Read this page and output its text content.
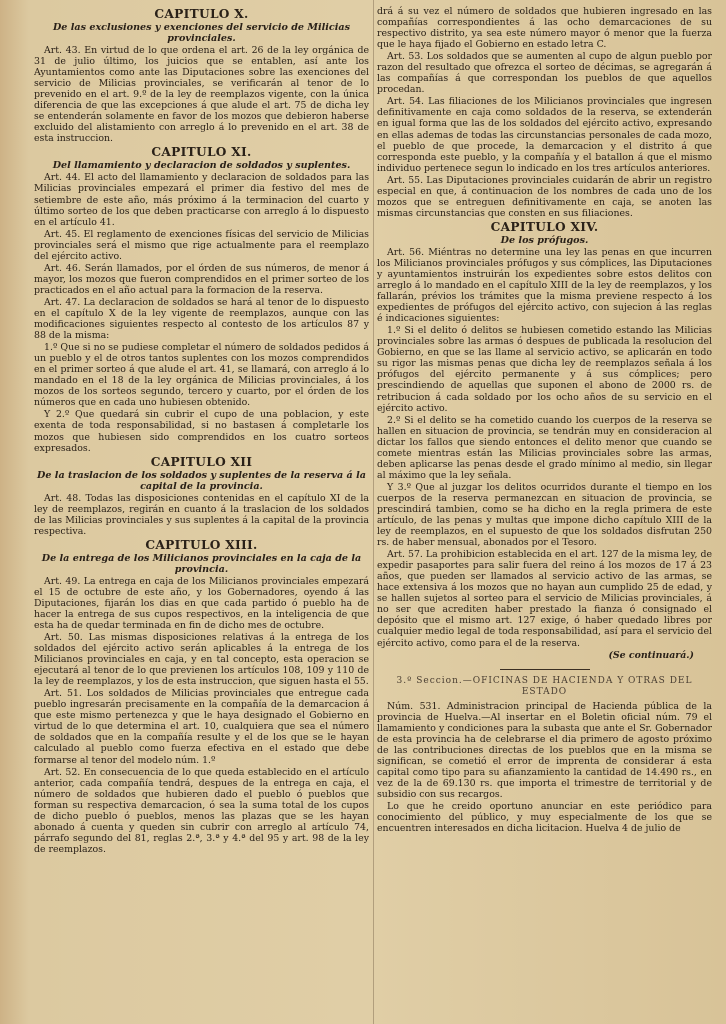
CAPITULO X.
De las exclusiones y exenciones del servicio de Milicias provinciales.

Art. 43. En virtud de lo que ordena el art. 26 de la ley orgánica de 31 de julio último, los juicios que se entablen, así ante los Ayuntamientos como ante las Diputaciones sobre las exenciones del servicio de Milicias provinciales, se verificarán al tenor de lo prevenido en el art. 9.º de la ley de reemplazos vigente, con la única diferencia de que las excepciones á que alude el art. 75 de dicha ley se entenderán solamente en favor de los mozos que debieron haberse excluido del alistamiento con arreglo á lo prevenido en el art. 38 de esta instruccion.

CAPITULO XI.
Del llamamiento y declaracion de soldados y suplentes.

Art. 44. El acto del llamamiento y declaracion de soldados para las Milicias provinciales empezará el primer dia festivo del mes de setiembre de este año, más próximo á la terminacion del cuarto y último sorteo de los que deben practicarse con arreglo á lo dispuesto en el artículo 41.

Art. 45. El reglamento de exenciones físicas del servicio de Milicias provinciales será el mismo que rige actualmente para el reemplazo del ejército activo.

Art. 46. Serán llamados, por el órden de sus números, de menor á mayor, los mozos que fueron comprendidos en el primer sorteo de los practicados en el año actual para la formacion de la reserva.

Art. 47. La declaracion de soldados se hará al tenor de lo dispuesto en el capítulo X de la ley vigente de reemplazos, aunque con las modificaciones siguientes respecto al contesto de los artículos 87 y 88 de la misma:

1.º Que si no se pudiese completar el número de soldados pedidos á un pueblo y el de otros tantos suplentes con los mozos comprendidos en el primer sorteo á que alude el art. 41, se llamará, con arreglo á lo mandado en el 18 de la ley orgánica de Milicias provinciales, á los mozos de los sorteos segundo, tercero y cuarto, por el órden de los números que en cada uno hubiesen obtenido.

Y 2.º Que quedará sin cubrir el cupo de una poblacion, y este exenta de toda responsabilidad, si no bastasen á completarle los mozos que hubiesen sido comprendidos en los cuatro sorteos expresados.

CAPITULO XII
De la traslacion de los soldados y suplentes de la reserva á la capital de la provincia.

Art. 48. Todas las disposiciones contenidas en el capítulo XI de la ley de reemplazos, regirán en cuanto á la traslacion de los soldados de las Milicias provinciales y sus suplentes á la capital de la provincia respectiva.

CAPITULO XIII.
De la entrega de los Milicianos provinciales en la caja de la provincia.

Art. 49. La entrega en caja de los Milicianos provinciales empezará el 15 de octubre de este año, y los Gobernadores, oyendo á las Diputaciones, fijarán los dias en que cada partido ó pueblo ha de hacer la entrega de sus cupos respectivos, en la inteligencia de que esta ha de quedar terminada en fin de dicho mes de octubre.

Art. 50. Las mismas disposiciones relativas á la entrega de los soldados del ejército activo serán aplicables á la entrega de los Milicianos provinciales en caja, y en tal concepto, esta operacion se ejecutará al tenor de lo que previenen los artículos 108, 109 y 110 de la ley de reemplazos, y los de esta instruccion, que siguen hasta el 55.

Art. 51. Los soldados de Milicias provinciales que entregue cada pueblo ingresarán precisamente en la compañía de la demarcacion á que este mismo pertenezca y que le haya designado el Gobierno en virtud de lo que determina el art. 10, cualquiera que sea el número de soldados que en la compañía resulte y el de los que se le hayan calculado al pueblo como fuerza efectiva en el estado que debe formarse al tenor del modelo núm. 1.º

Art. 52. En consecuencia de lo que queda establecido en el artículo anterior, cada compañía tendrá, despues de la entrega en caja, el número de soldados que hubieren dado el pueblo ó pueblos que forman su respectiva demarcacion, ó sea la suma total de los cupos de dicho pueblo ó pueblos, menos las plazas que se les hayan abonado á cuenta y queden sin cubrir con arreglo al artículo 74, párrafo segundo del 81, reglas 2.ª, 3.ª y 4.ª del 95 y art. 98 de la ley de reemplazos.

drá á su vez el número de soldados que hubieren ingresado en las compañías correspondientes á las ocho demarcaciones de su respectivo distrito, ya sea este número mayor ó menor que la fuerza que le haya fijado el Gobierno en estado letra C.

Art. 53. Los soldados que se aumenten al cupo de algun pueblo por razon del resultado que ofrezca el sorteo de décimas, se agregarán á las compañías á que correspondan los pueblos de que aquellos procedan.

Art. 54. Las filiaciones de los Milicianos provinciales que ingresen definitivamente en caja como soldados de la reserva, se extenderán en igual forma que las de los soldados del ejército activo, expresando en ellas ademas de todas las circunstancias personales de cada mozo, el pueblo de que procede, la demarcacion y el distrito á que corresponda este pueblo, y la compañía y el batallon á que el mismo individuo pertenece segun lo indicado en los tres artículos anteriores.

Art. 55. Las Diputaciones provinciales cuidarán de abrir un registro especial en que, á continuacion de los nombres de cada uno de los mozos que se entreguen definitivamente en caja, se anoten las mismas circunstancias que consten en sus filiaciones.

CAPITULO XIV.
De los prófugos.

Art. 56. Miéntras no determine una ley las penas en que incurren los Milicianos provinciales prófugos y sus cómplices, las Diputaciones y ayuntamientos instruirán los expedientes sobre estos delitos con arreglo á lo mandado en el capítulo XIII de la ley de reemplazos, y los fallarán, prévios los trámites que la misma previene respecto á los expedientes de prófugos del ejército activo, con sujecion á las reglas é indicaciones siguientes:

1.º Si el delito ó delitos se hubiesen cometido estando las Milicias provinciales sobre las armas ó despues de publicada la resolucion del Gobierno, en que se las llame al servicio activo, se aplicarán en todo su rigor las mismas penas que dicha ley de reemplazos señala á los prófugos del ejército permanente y á sus cómplices; pero prescindiendo de aquellas que suponen el abono de 2000 rs. de retribucion á cada soldado por los ocho años de su servicio en el ejército activo.

2.º Si el delito se ha cometido cuando los cuerpos de la reserva se hallen en situacion de provincia, se tendrán muy en consideracion al dictar los fallos que siendo entonces el delito menor que cuando se comete mientras están las Milicias provinciales sobre las armas, deben aplicarse las penas desde el grado mínimo al medio, sin llegar al máximo que la ley señala.

Y 3.º Que al juzgar los delitos ocurridos durante el tiempo en los cuerpos de la reserva permanezcan en situacion de provincia, se prescindirá tambien, como se ha dicho en la regla primera de este artículo, de las penas y multas que impone dicho capítulo XIII de la ley de reemplazos, en el supuesto de que los soldados disfrutan 250 rs. de haber mensual, abonados por el Tesoro.

Art. 57. La prohibicion establecida en el art. 127 de la misma ley, de expedir pasaportes para salir fuera del reino á los mozos de 17 á 23 años, que pueden ser llamados al servicio activo de las armas, se hace extensiva á los mozos que no hayan aun cumplido 25 de edad, y se hallen sujetos al sorteo para el servicio de Milicias provinciales, á no ser que acrediten haber prestado la fianza ó consignado el depósito que el mismo art. 127 exige, ó haber quedado libres por cualquier medio legal de toda responsabilidad, así para el servicio del ejército activo, como para el de la reserva.

(Se continuará.)
3.º Seccion.—OFICINAS DE HACIENDA Y OTRAS DEL ESTADO

Núm. 531. Administracion principal de Hacienda pública de la provincia de Huelva.—Al insertar en el Boletin oficial núm. 79 el llamamiento y condiciones para la subasta que ante el Sr. Gobernador de esta provincia ha de celebrarse el dia primero de agosto próximo de las contribuciones directas de los pueblos que en la misma se significan, se cometió el error de imprenta de considerar á esta capital como tipo para su afianzamiento la cantidad de 14.490 rs., en vez de la de 69.130 rs. que importa el trimestre de territorial y de subsidio con sus recargos.

Lo que he creido oportuno anunciar en este periódico para conocimiento del público, y muy especialmente de los que se encuentren interesados en dicha licitacion. Huelva 4 de julio de
